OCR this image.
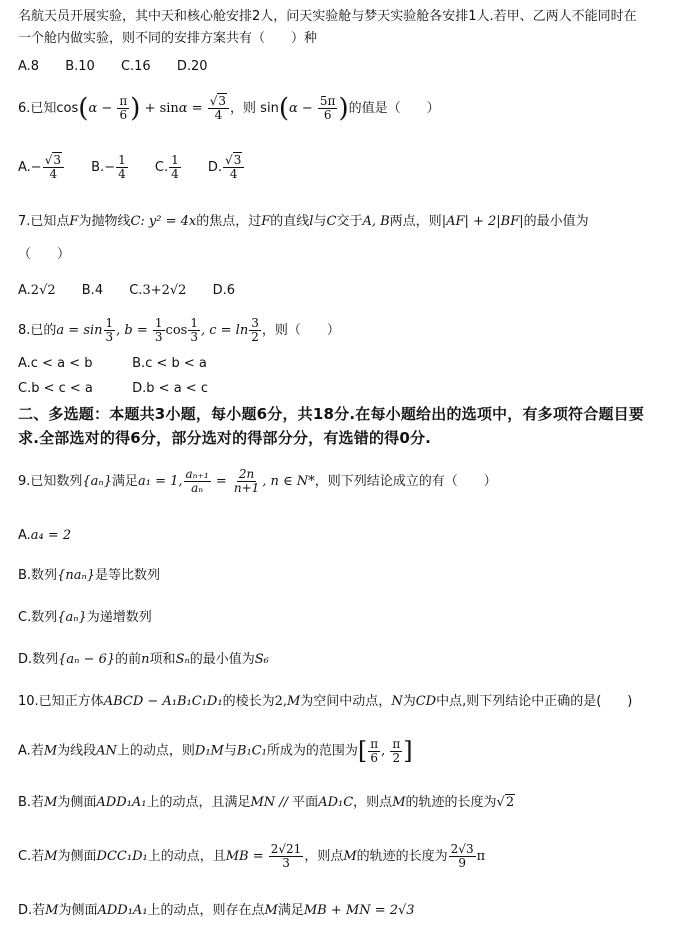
名航天员开展实验，其中天和核心舱安排2人，问天实验舱与梦天实验舱各安排1人.若甲、乙两人不能同时在
一个舱内做实验，则不同的安排方案共有（　　）种
A.8 B.10 C.16 D.20
6.已知$\cos(\alpha - \frac{\pi}{6}$ ) + $\sin\alpha = \frac{√3}{4}$ ，则 $\sin(\alpha - \frac{5\pi}{6}$ )的值是（　　）
$A.- \frac{√3}{4} B.- \frac{1}{4} C$. $\frac{1}{4} D$. $\frac{√3}{4}$
7.已知点F为抛物线C: y² = 4x的焦点，过F的直线l与C交于A, B两点，则|AF| + 2|BF|的最小值为
（　　）
A.2√2 B.4 C.3+2√2 D.6
8.已的$a = \sin \frac{1}{3}$ , $b = \frac{1}{3}$ $\cos \frac{1}{3}$ , $c = \ln \frac{3}{2}$ ，则（　　）
A.c < a < b	B.c < b < a
C.b < c < a	D.b < a < c
二、多选题：本题共3小题，每小题6分，共18分.在每小题给出的选项中，有多项符合题目要
求.全部选对的得6分，部分选对的得部分分，有选错的得0分.
9.已知数列{aₙ}满足a₁ = 1, $\frac{\text{aₙ₊₁}}{\text{aₙ}} = \frac{2n}{n+1}$ , n ∈ N*，则下列结论成立的有（　　）
A.a₄ = 2
B.数列{naₙ}是等比数列
C.数列{aₙ}为递增数列
D.数列{aₙ − 6}的前n项和Sₙ的最小值为S₆
10.已知正方体ABCD − A₁B₁C₁D₁的棱长为2,M为空间中动点，N为CD中点,则下列结论中正确的是(　　)
A.若M为线段AN上的动点，则D₁M与B₁C₁所成为的范围为[ $\frac{\pi}{6}$ , $\frac{\pi}{2}$ ]
B.若M为侧面ADD₁A₁上的动点，且满足MN // 平面AD₁C，则点M的轨迹的长度为√2
C.若M为侧面DCC₁D₁上的动点，且MB = $\frac{2√21}{3}$ ，则点M的轨迹的长度为 $\frac{2√3}{9}$ π
D.若M为侧面ADD₁A₁上的动点，则存在点M满足MB + MN = 2√3
